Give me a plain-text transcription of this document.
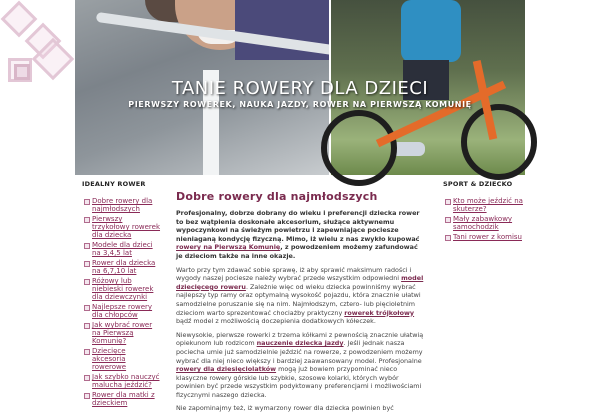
TANIE ROWERY DLA DZIECI
PIERWSZY ROWEREK, NAUKA JAZDY, ROWER NA PIERWSZĄ KOMUNIĘ
IDEALNY ROWER
Dobre rowery dla najmłodszych
Pierwszy trzykołowy rowerek dla dziecka
Modele dla dzieci na 3,4,5 lat
Rower dla dziecka na 6,7,10 lat
Różowy lub niebieski rowerek dla dziewczynki
Najlepsze rowery dla chłopców
Jak wybrać rower na Pierwszą Komunię?
Dziecięce akcesoria rowerowe
Jak szybko nauczyć malucha jeździć?
Rower dla matki z dzieckiem
Dobre rowery dla najmłodszych

Profesjonalny, dobrze dobrany do wieku i preferencji dziecka rower to bez wątpienia doskonałe akcesorium, służące aktywnemu wypoczynkowi na świeżym powietrzu i zapewniające pociesze nieniaganą kondycję fizyczną. Mimo, iż wielu z nas zwykło kupować rowery na Pierwszą Komunię, z powodzeniem możemy zafundować je dzieciom także na inne okazje.

Warto przy tym zdawać sobie sprawę, iż aby sprawić maksimum radości i wygody naszej pociesze należy wybrać przede wszystkim odpowiedni model dziecięcego roweru. Zależnie więc od wieku dziecka powinniśmy wybrać najlepszy typ ramy oraz optymalną wysokość pojazdu, która znacznie ułatwi samodzielne poruszanie się na nim. Najmłodszym, cztero- lub pięcioletnim dzieciom warto sprezentować chociażby praktyczny rowerek trójkołowy bądź model z możliwością doczepienia dodatkowych kółeczek.

Niewysokie, pierwsze rowerki z trzema kółkami z pewnością znacznie ułatwią opiekunom lub rodzicom nauczenie dziecka jazdy. Jeśli jednak nasza pociecha umie już samodzielnie jeździć na rowerze, z powodzeniem możemy wybrać dla niej nieco większy i bardziej zaawansowany model. Profesjonalne rowery dla dziesięciolatków mogą już bowiem przypominać nieco klasyczne rowery górskie lub szybkie, szosowe kolarki, których wybór powinien być przede wszystkim podyktowany preferencjami i możliwościami fizycznymi naszego dziecka.

Nie zapominajmy też, iż wymarzony rower dla dziecka powinien być

SPORT & DZIECKO
Kto może jeździć na skuterze?
Mały zabawkowy samochodzik
Tani rower z komisu
